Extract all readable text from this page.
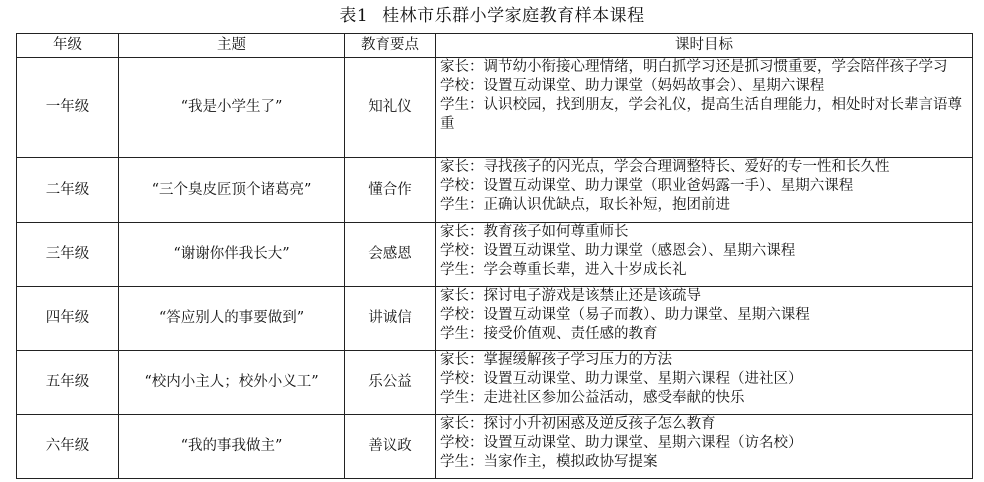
表1 桂林市乐群小学家庭教育样本课程
年级	主题	教育要点	课时目标
一年级	“我是小学生了”	知礼仪	家长：调节幼小衔接心理情绪，明白抓学习还是抓习惯重要，学会陪伴孩子学习
学校：设置互动课堂、助力课堂（妈妈故事会）、星期六课程
学生：认识校园，找到朋友，学会礼仪，提高生活自理能力，相处时对长辈言语尊重

二年级	“三个臭皮匠顶个诸葛亮”	懂合作	家长：寻找孩子的闪光点，学会合理调整特长、爱好的专一性和长久性
学校：设置互动课堂、助力课堂（职业爸妈露一手）、星期六课程
学生：正确认识优缺点，取长补短，抱团前进

三年级	“谢谢你伴我长大”	会感恩	家长：教育孩子如何尊重师长
学校：设置互动课堂、助力课堂（感恩会）、星期六课程
学生：学会尊重长辈，进入十岁成长礼

四年级	“答应别人的事要做到”	讲诚信	家长：探讨电子游戏是该禁止还是该疏导
学校：设置互动课堂（易子而教）、助力课堂、星期六课程
学生：接受价值观、责任感的教育

五年级	“校内小主人；校外小义工”	乐公益	家长：掌握缓解孩子学习压力的方法
学校：设置互动课堂、助力课堂、星期六课程（进社区）
学生：走进社区参加公益活动，感受奉献的快乐

六年级	“我的事我做主”	善议政	家长：探讨小升初困惑及逆反孩子怎么教育
学校：设置互动课堂、助力课堂、星期六课程（访名校）
学生：当家作主，模拟政协写提案
